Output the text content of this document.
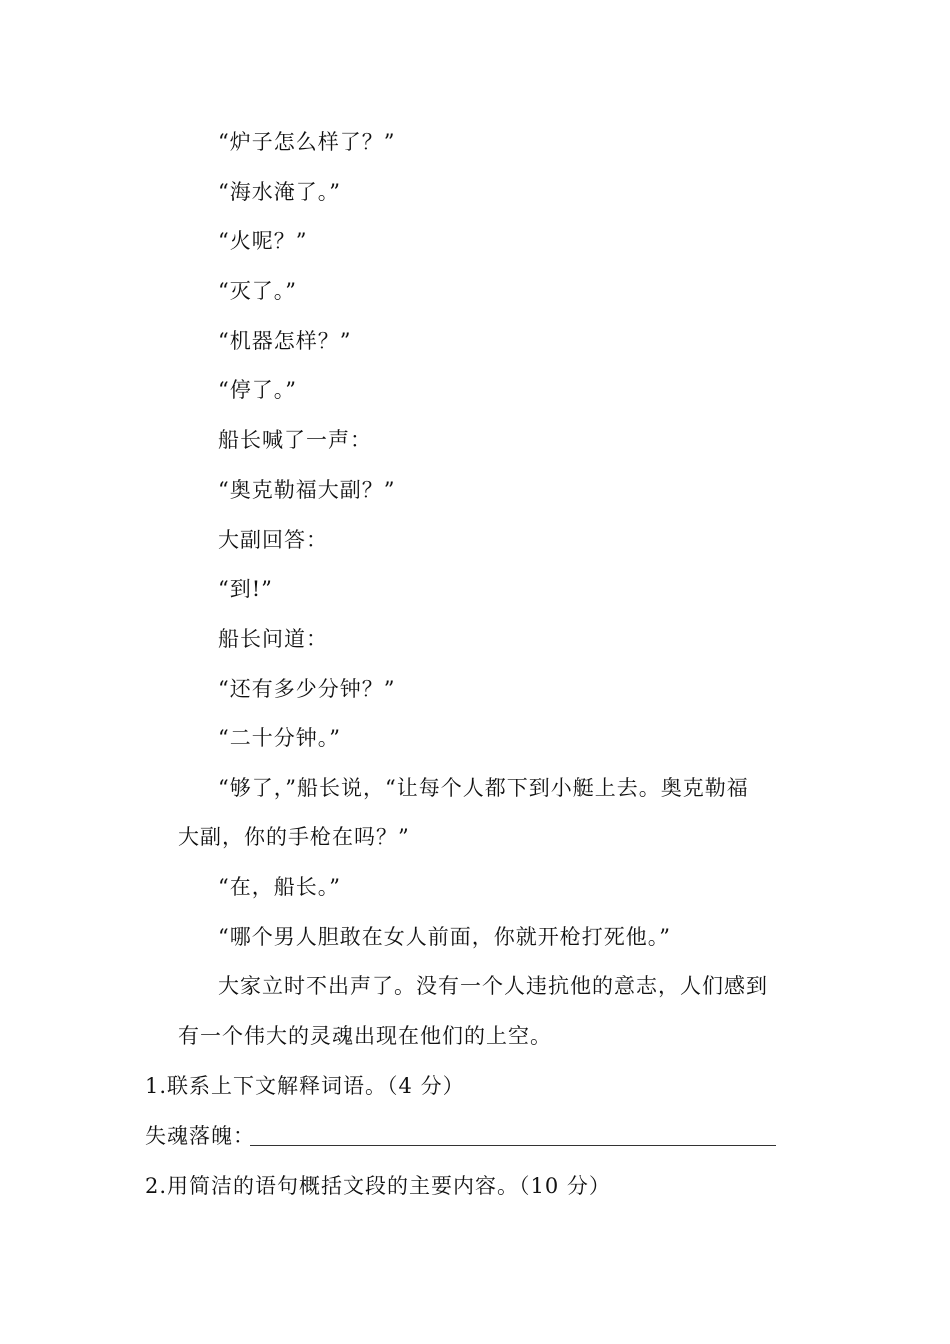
“炉子怎么样了？”
“海水淹了。”
“火呢？”
“灭了。”
“机器怎样？”
“停了。”
船长喊了一声：
“奥克勒福大副？”
大副回答：
“到!”
船长问道：
“还有多少分钟？”
“二十分钟。”
“够了，”船长说，“让每个人都下到小艇上去。奥克勒福
大副，你的手枪在吗？”
“在，船长。”
“哪个男人胆敢在女人前面，你就开枪打死他。”
大家立时不出声了。没有一个人违抗他的意志，人们感到
有一个伟大的灵魂出现在他们的上空。
1.联系上下文解释词语。（4 分）
失魂落魄：
2.用简洁的语句概括文段的主要内容。（10 分）
